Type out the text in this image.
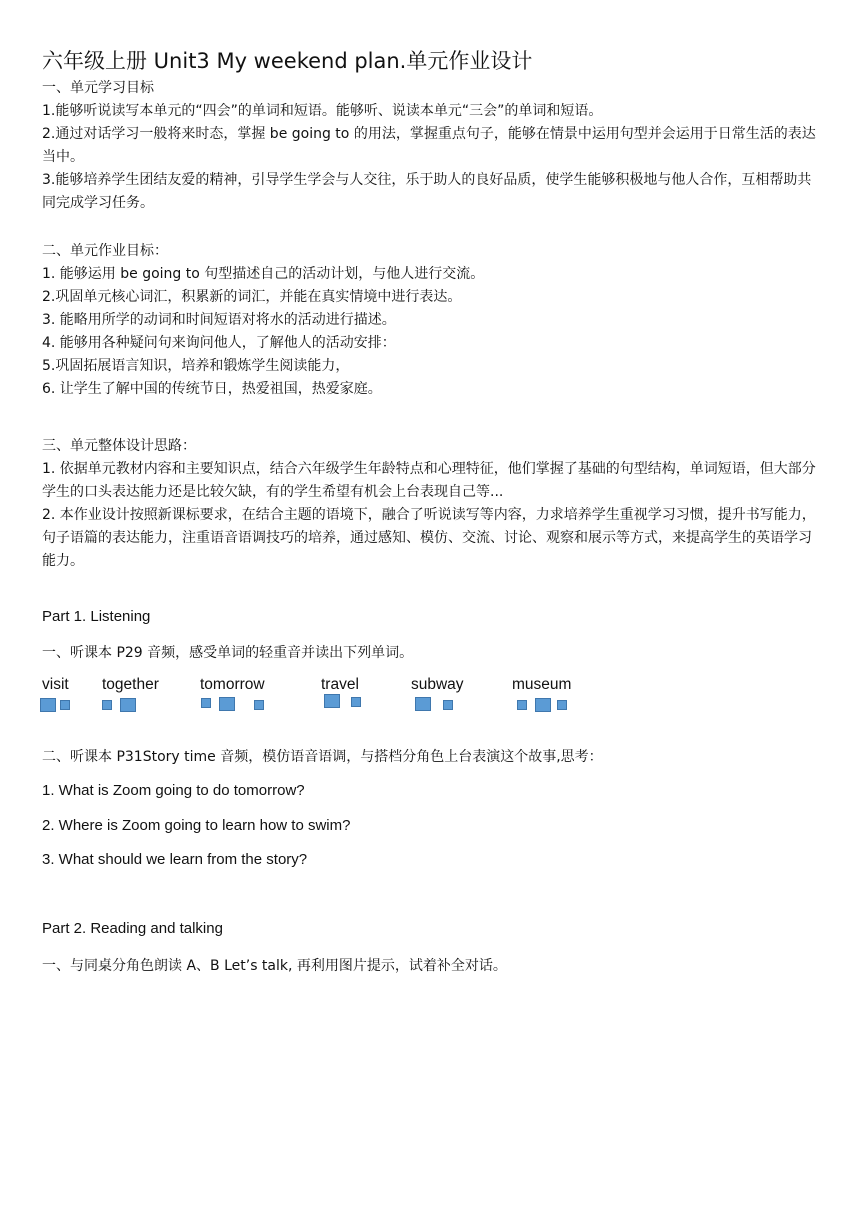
六年级上册 Unit3 My weekend plan.单元作业设计

一、单元学习目标

1.能够听说读写本单元的“四会”的单词和短语。能够听、说读本单元“三会”的单词和短语。

2.通过对话学习一般将来时态，掌握 be going to 的用法，掌握重点句子，能够在情景中运用句型并会运用于日常生活的表达当中。

3.能够培养学生团结友爱的精神，引导学生学会与人交往，乐于助人的良好品质，使学生能够积极地与他人合作，互相帮助共同完成学习任务。

二、单元作业目标：

1. 能够运用 be going to 句型描述自己的活动计划，与他人进行交流。

2.巩固单元核心词汇，积累新的词汇，并能在真实情境中进行表达。

3. 能略用所学的动词和时间短语对将水的活动进行描述。

4. 能够用各种疑问句来询问他人，了解他人的活动安排：

5.巩固拓展语言知识，培养和锻炼学生阅读能力，

6. 让学生了解中国的传统节日，热爱祖国，热爱家庭。

三、单元整体设计思路：

1. 依据单元教材内容和主要知识点，结合六年级学生年龄特点和心理特征，他们掌握了基础的句型结构，单词短语，但大部分学生的口头表达能力还是比较欠缺，有的学生希望有机会上台表现自己等...

2. 本作业设计按照新课标要求，在结合主题的语境下，融合了听说读写等内容，力求培养学生重视学习习惯，提升书写能力，句子语篇的表达能力，注重语音语调技巧的培养，通过感知、模仿、交流、讨论、观察和展示等方式，来提高学生的英语学习能力。

Part 1. Listening
一、听课本 P29 音频，感受单词的轻重音并读出下列单词。
visit together	tomorrow	travel	subway	museum
二、听课本 P31Story time 音频，模仿语音语调，与搭档分角色上台表演这个故事,思考：
1. What is Zoom going to do tomorrow?
2. Where is Zoom going to learn how to swim?
3. What should we learn from the story?
Part 2. Reading and talking
一、与同桌分角色朗读 A、B Let’s talk, 再利用图片提示，试着补全对话。
